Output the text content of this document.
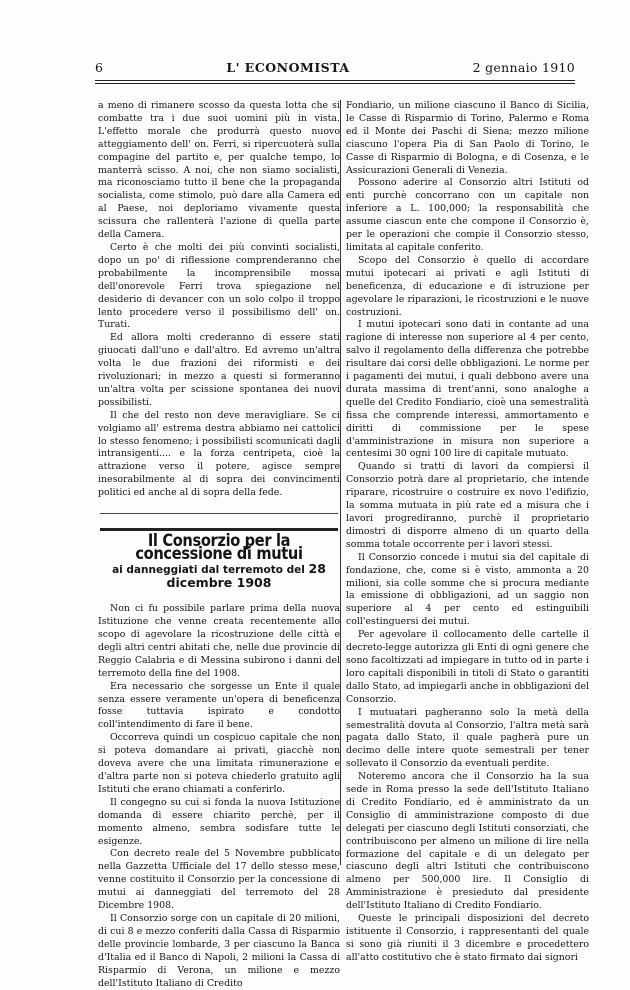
6	L' ECONOMISTA	2 gennaio 1910

a meno di rimanere scosso da questa lotta che si combatte tra i due suoi uomini più in vista. L'effetto morale che produrrà questo nuovo atteggiamento dell' on. Ferri, si ripercuoterà sulla compagine del partito e, per qualche tempo, lo manterrà scisso. A noi, che non siamo socialisti, ma riconosciamo tutto il bene che la propaganda socialista, come stimolo, può dare alla Camera ed al Paese, noi deploriamo vivamente questa scissura che rallenterà l'azione di quella parte della Camera.

Certo è che molti dei più convinti socialisti, dopo un po' di riflessione comprenderanno che probabilmente la incomprensibile mossa dell'onorevole Ferri trova spiegazione nel desiderio di devancer con un solo colpo il troppo lento procedere verso il possibilismo dell' on. Turati.

Ed allora molti crederanno di essere stati giuocati dall'uno e dall'altro. Ed avremo un'altra volta le due frazioni dei riformisti e dei rivoluzionari; in mezzo a questi si formeranno un'altra volta per scissione spontanea dei nuovi possibilisti.

Il che del resto non deve meravigliare. Se ci volgiamo all' estrema destra abbiamo nei cattolici lo stesso fenomeno; i possibilisti scomunicati dagli intransigenti.... e la forza centripeta, cioè la attrazione verso il potere, agisce sempre inesorabilmente al di sopra dei convincimenti politici ed anche al di sopra della fede.

Il Consorzio per la concessione di mutui
ai danneggiati dal terremoto del 28 dicembre 1908

Non ci fu possibile parlare prima della nuova Istituzione che venne creata recentemente allo scopo di agevolare la ricostruzione delle città e degli altri centri abitati che, nelle due provincie di Reggio Calabria e di Messina subirono i danni del terremoto della fine del 1908.

Era necessario che sorgesse un Ente il quale senza essere veramente un'opera di beneficenza fosse tuttavia ispirato e condotto coll'intendimento di fare il bene.

Occorreva quindi un cospicuo capitale che non si poteva domandare ai privati, giacchè non doveva avere che una limitata rimunerazione e d'altra parte non si poteva chiederlo gratuito agli Istituti che erano chiamati a conferirlo.

Il congegno su cui si fonda la nuova Istituzione domanda di essere chiarito perchè, per il momento almeno, sembra sodisfare tutte le esigenze.

Con decreto reale del 5 Novembre pubblicato nella Gazzetta Ufficiale del 17 dello stesso mese, venne costituito il Consorzio per la concessione di mutui ai danneggiati del terremoto del 28 Dicembre 1908.

Il Consorzio sorge con un capitale di 20 milioni, di cui 8 e mezzo conferiti dalla Cassa di Risparmio delle provincie lombarde, 3 per ciascuno la Banca d'Italia ed il Banco di Napoli, 2 milioni la Cassa di Risparmio di Verona, un milione e mezzo dell'Istituto Italiano di Credito

Fondiario, un milione ciascuno il Banco di Sicilia, le Casse di Risparmio di Torino, Palermo e Roma ed il Monte dei Paschi di Siena; mezzo milione ciascuno l'opera Pia di San Paolo di Torino, le Casse di Risparmio di Bologna, e di Cosenza, e le Assicurazioni Generali di Venezia.

Possono aderire al Consorzio altri Istituti od enti purchè concorrano con un capitale non inferiore a L. 100,000; la responsabilità che assume ciascun ente che compone il Consorzio è, per le operazioni che compie il Consorzio stesso, limitata al capitale conferito.

Scopo del Consorzio è quello di accordare mutui ipotecari ai privati e agli Istituti di beneficenza, di educazione e di istruzione per agevolare le riparazioni, le ricostruzioni e le nuove costruzioni.

I mutui ipotecari sono dati in contante ad una ragione di interesse non superiore al 4 per cento, salvo il regolamento della differenza che potrebbe risultare dai corsi delle obbligazioni. Le norme per i pagamenti dei mutui, i quali debbono avere una durata massima di trent'anni, sono analoghe a quelle del Credito Fondiario, cioè una semestralità fissa che comprende interessi, ammortamento e diritti di commissione per le spese d'amministrazione in misura non superiore a centesimi 30 ogni 100 lire di capitale mutuato.

Quando si tratti di lavori da compiersi il Consorzio potrà dare al proprietario, che intende riparare, ricostruire o costruire ex novo l'edifizio, la somma mutuata in più rate ed a misura che i lavori progrediranno, purchè il proprietario dimostri di disporre almeno di un quarto della somma totale occorrente per i lavori stessi.

Il Consorzio concede i mutui sia del capitale di fondazione, che, come si è visto, ammonta a 20 milioni, sia colle somme che si procura mediante la emissione di obbligazioni, ad un saggio non superiore al 4 per cento ed estinguibili coll'estinguersi dei mutui.

Per agevolare il collocamento delle cartelle il decreto-legge autorizza gli Enti di ogni genere che sono facoltizzati ad impiegare in tutto od in parte i loro capitali disponibili in titoli di Stato o garantiti dallo Stato, ad impiegarli anche in obbligazioni del Consorzio.

I mutuatari pagheranno solo la metà della semestralità dovuta al Consorzio, l'altra metà sarà pagata dallo Stato, il quale pagherà pure un decimo delle intere quote semestrali per tener sollevato il Consorzio da eventuali perdite.

Noteremo ancora che il Consorzio ha la sua sede in Roma presso la sede dell'Istituto Italiano di Credito Fondiario, ed è amministrato da un Consiglio di amministrazione composto di due delegati per ciascuno degli Istituti consorziati, che contribuiscono per almeno un milione di lire nella formazione del capitale e di un delegato per ciascuno degli altri Istituti che contribuiscono almeno per 500,000 lire. Il Consiglio di Amministrazione è presieduto dal presidente dell'Istituto Italiano di Credito Fondiario.

Queste le principali disposizioni del decreto istituente il Consorzio, i rappresentanti del quale si sono già riuniti il 3 dicembre e procedettero all'atto costitutivo che è stato firmato dai signori
